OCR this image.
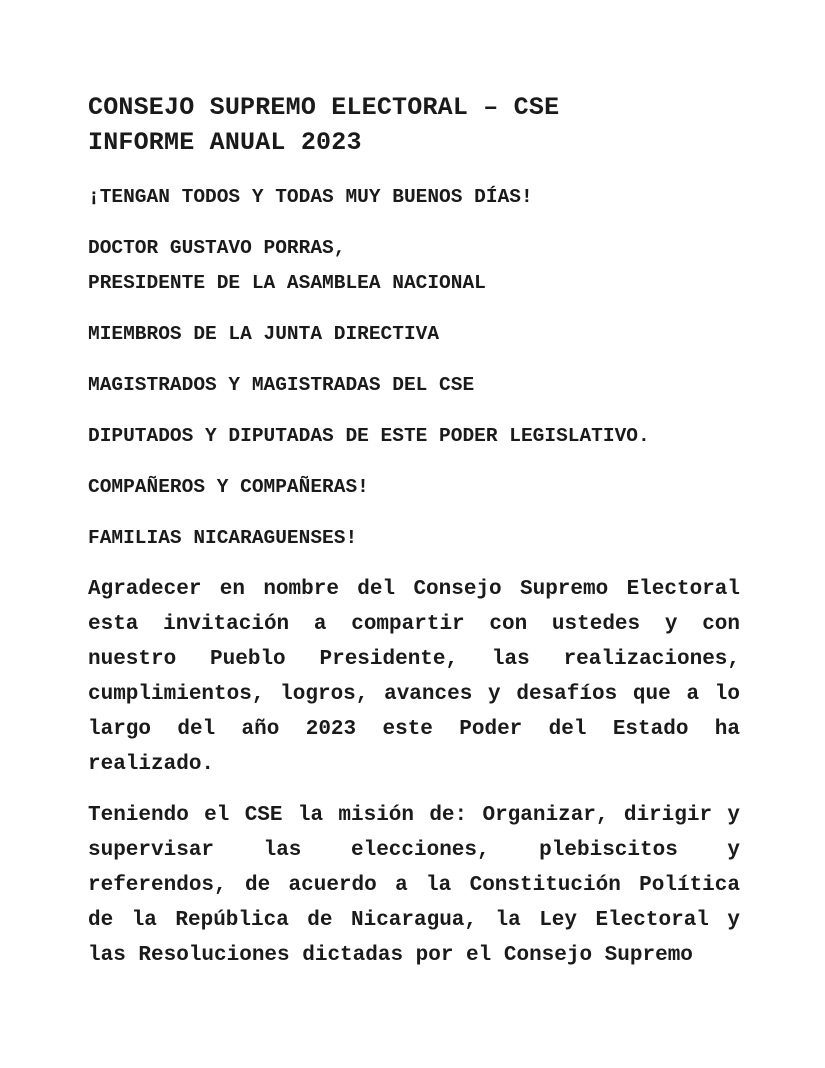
CONSEJO SUPREMO ELECTORAL – CSE
INFORME ANUAL 2023
¡TENGAN TODOS Y TODAS MUY BUENOS DÍAS!
DOCTOR GUSTAVO PORRAS,
PRESIDENTE DE LA ASAMBLEA NACIONAL
MIEMBROS DE LA JUNTA DIRECTIVA
MAGISTRADOS Y MAGISTRADAS DEL CSE
DIPUTADOS Y DIPUTADAS DE ESTE PODER LEGISLATIVO.
COMPAÑEROS Y COMPAÑERAS!
FAMILIAS NICARAGUENSES!

Agradecer en nombre del Consejo Supremo Electoral esta invitación a compartir con ustedes y con nuestro Pueblo Presidente, las realizaciones, cumplimientos, logros, avances y desafíos que a lo largo del año 2023 este Poder del Estado ha realizado.

Teniendo el CSE la misión de: Organizar, dirigir y supervisar las elecciones, plebiscitos y referendos, de acuerdo a la Constitución Política de la República de Nicaragua, la Ley Electoral y las Resoluciones dictadas por el Consejo Supremo
